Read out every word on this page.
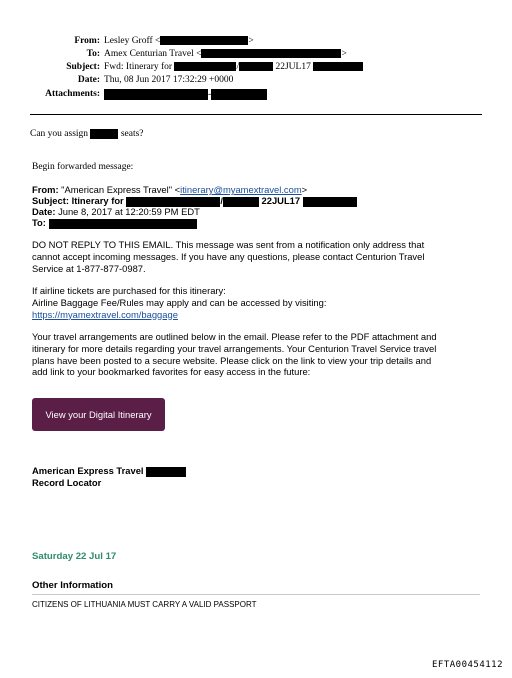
From: Lesley Groff <	>
To: Amex Centurian Travel <	>
Subject: Fwd: Itinerary for	/	22JUL17
Date: Thu, 08 Jun 2017 17:32:29 +0000
Attachments:	-
Can you assign	seats?
Begin forwarded message:
From: "American Express Travel" <itinerary@myamextravel.com>
Subject: Itinerary for	/	22JUL17
Date: June 8, 2017 at 12:20:59 PM EDT
To:
DO NOT REPLY TO THIS EMAIL. This message was sent from a notification only address that
cannot accept incoming messages. If you have any questions, please contact Centurion Travel
Service at 1-877-877-0987.
If airline tickets are purchased for this itinerary:
Airline Baggage Fee/Rules may apply and can be accessed by visiting:
https://myamextravel.com/baggage
Your travel arrangements are outlined below in the email. Please refer to the PDF attachment and
itinerary for more details regarding your travel arrangements. Your Centurion Travel Service travel
plans have been posted to a secure website. Please click on the link to view your trip details and
add link to your bookmarked favorites for easy access in the future:
View your Digital Itinerary
American Express Travel
Record Locator
Saturday 22 Jul 17
Other Information
CITIZENS OF LITHUANIA MUST CARRY A VALID PASSPORT
EFTA00454112
